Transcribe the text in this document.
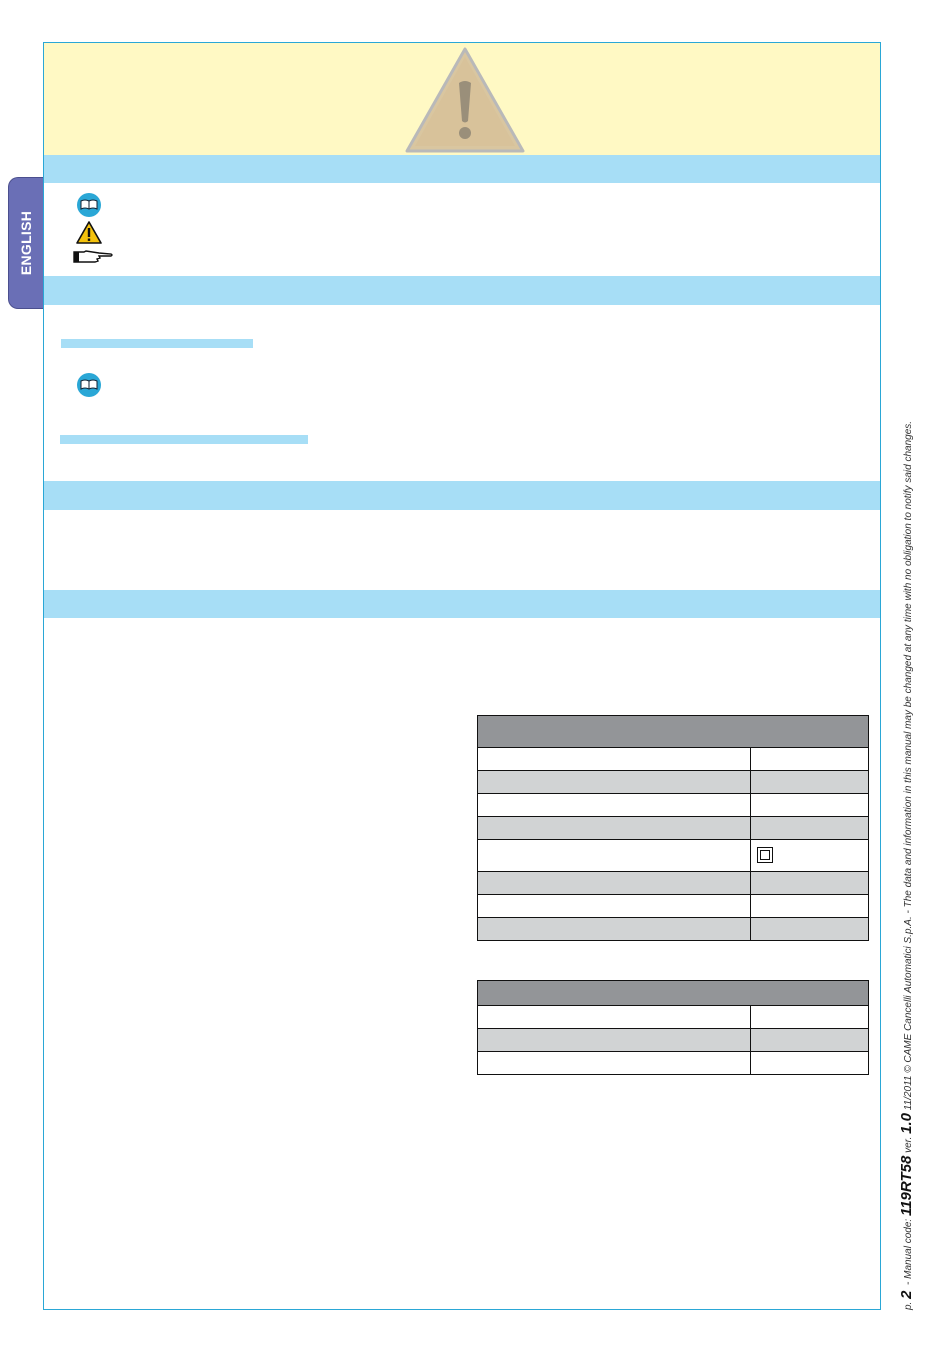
ENGLISH

p. 2  - Manual code: 119RT58 ver. 1.0 11/2011 © CAME Cancelli Automatici S.p.A. - The data and information in this manual may be changed at any time with no obligation to notify said changes.
